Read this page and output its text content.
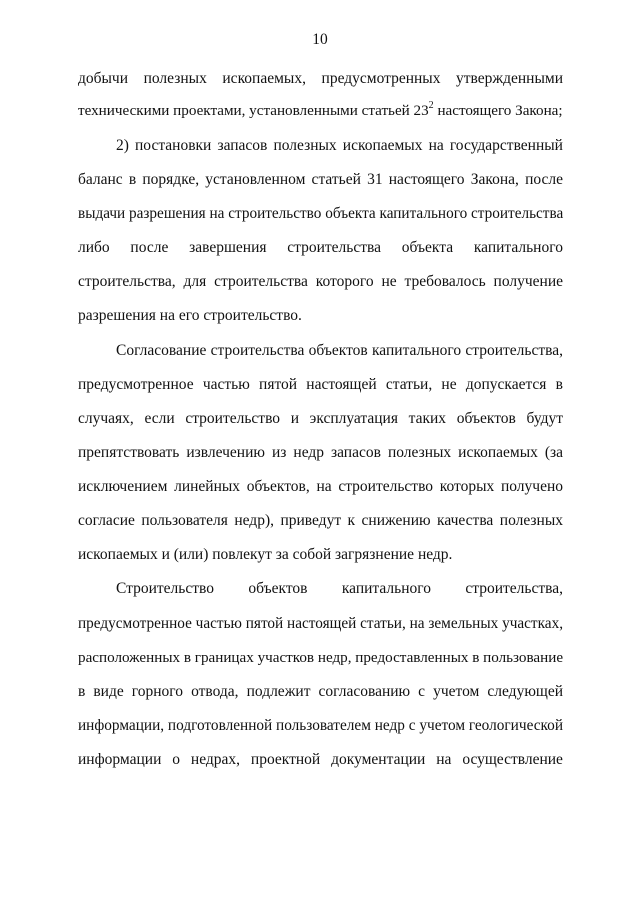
10
добычи полезных ископаемых, предусмотренных утвержденными
техническими проектами, установленными статьей $23^2$ настоящего Закона;
2) постановки запасов полезных ископаемых на государственный
баланс в порядке, установленном статьей 31 настоящего Закона, после
выдачи разрешения на строительство объекта капитального строительства
либо после завершения строительства объекта капитального
строительства, для строительства которого не требовалось получение
разрешения на его строительство.
Согласование строительства объектов капитального строительства,
предусмотренное частью пятой настоящей статьи, не допускается в
случаях, если строительство и эксплуатация таких объектов будут
препятствовать извлечению из недр запасов полезных ископаемых (за
исключением линейных объектов, на строительство которых получено
согласие пользователя недр), приведут к снижению качества полезных
ископаемых и (или) повлекут за собой загрязнение недр.
Строительство объектов капитального строительства,
предусмотренное частью пятой настоящей статьи, на земельных участках,
расположенных в границах участков недр, предоставленных в пользование
в виде горного отвода, подлежит согласованию с учетом следующей
информации, подготовленной пользователем недр с учетом геологической
информации о недрах, проектной документации на осуществление
